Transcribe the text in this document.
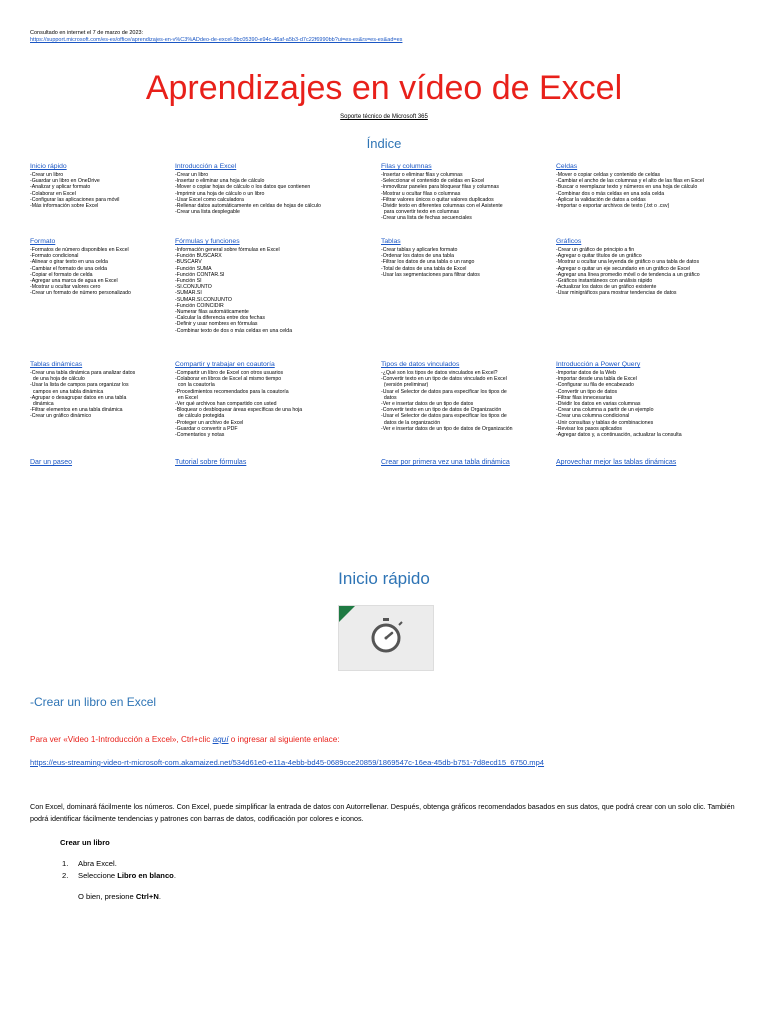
Consultado en internet el 7 de marzo de 2023:
https://support.microsoft.com/es-es/office/aprendizajes-en-v%C3%ADdeo-de-excel-9bc05390-e94c-46af-a5b3-d7c22f6990bb?ui=es-es&rs=es-es&ad=es
Aprendizajes en vídeo de Excel
Soporte técnico de Microsoft 365
Índice
Inicio rápido
-Crear un libro
-Guardar un libro en OneDrive
-Analizar y aplicar formato
-Colaborar en Excel
-Configurar las aplicaciones para móvil
-Más información sobre Excel
Introducción a Excel
-Crear un libro
-Insertar o eliminar una hoja de cálculo
-Mover o copiar hojas de cálculo o los datos que contienen
-Imprimir una hoja de cálculo o un libro
-Usar Excel como calculadora
-Rellenar datos automáticamente en celdas de hojas de cálculo
-Crear una lista desplegable
Filas y columnas
-Insertar o eliminar filas y columnas
-Seleccionar el contenido de celdas en Excel
-Inmovilizar paneles para bloquear filas y columnas
-Mostrar u ocultar filas o columnas
-Filtrar valores únicos o quitar valores duplicados
-Dividir texto en diferentes columnas con el Asistente
para convertir texto en columnas
-Crear una lista de fechas secuenciales
Celdas
-Mover o copiar celdas y contenido de celdas
-Cambiar el ancho de las columnas y el alto de las filas en Excel
-Buscar o reemplazar texto y números en una hoja de cálculo
-Combinar dos o más celdas en una sola celda
-Aplicar la validación de datos a celdas
-Importar o exportar archivos de texto (.txt o .csv)
Formato
-Formatos de número disponibles en Excel
-Formato condicional
-Alinear o girar texto en una celda
-Cambiar el formato de una celda
-Copiar el formato de celda
-Agregar una marca de agua en Excel
-Mostrar u ocultar valores cero
-Crear un formato de número personalizado
Fórmulas y funciones
-Información general sobre fórmulas en Excel
-Función BUSCARX
-BUSCARV
-Función SUMA
-Función CONTAR.SI
-Función SI
-SI.CONJUNTO
-SUMAR.SI
-SUMAR.SI.CONJUNTO
-Función COINCIDIR
-Numerar filas automáticamente
-Calcular la diferencia entre dos fechas
-Definir y usar nombres en fórmulas
-Combinar texto de dos o más celdas en una celda
Tablas
-Crear tablas y aplicarles formato
-Ordenar los datos de una tabla
-Filtrar los datos de una tabla o un rango
-Total de datos de una tabla de Excel
-Usar las segmentaciones para filtrar datos
Gráficos
-Crear un gráfico de principio a fin
-Agregar o quitar títulos de un gráfico
-Mostrar u ocultar una leyenda de gráfico o una tabla de datos
-Agregar o quitar un eje secundario en un gráfico de Excel
-Agregar una línea promedio móvil o de tendencia a un gráfico
-Gráficos instantáneos con análisis rápido
-Actualizar los datos de un gráfico existente
-Usar minigráficos para mostrar tendencias de datos
Tablas dinámicas
-Crear una tabla dinámica para analizar datos
de una hoja de cálculo
-Usar la lista de campos para organizar los
campos en una tabla dinámica
-Agrupar o desagrupar datos en una tabla
dinámica
-Filtrar elementos en una tabla dinámica
-Crear un gráfico dinámico
Compartir y trabajar en coautoría
-Compartir un libro de Excel con otros usuarios
-Colaborar en libros de Excel al mismo tiempo
con la coautoría
-Procedimientos recomendados para la coautoría
en Excel
-Ver qué archivos han compartido con usted
-Bloquear o desbloquear áreas específicas de una hoja
de cálculo protegida
-Proteger un archivo de Excel
-Guardar o convertir a PDF
-Comentarios y notas
Tipos de datos vinculados
-¿Qué son los tipos de datos vinculados en Excel?
-Convertir texto en un tipo de datos vinculado en Excel
(versión preliminar)
-Usar el Selector de datos para especificar los tipos de
datos
-Ver e insertar datos de un tipo de datos
-Convertir texto en un tipo de datos de Organización
-Usar el Selector de datos para especificar los tipos de
datos de la organización
-Ver e insertar datos de un tipo de datos de Organización
Introducción a Power Query
-Importar datos de la Web
-Importar desde una tabla de Excel
-Configurar su fila de encabezado
-Convertir un tipo de datos
-Filtrar filas innecesarias
-Dividir los datos en varias columnas
-Crear una columna a partir de un ejemplo
-Crear una columna condicional
-Unir consultas y tablas de combinaciones
-Revisar los pasos aplicados
-Agregar datos y, a continuación, actualizar la consulta
Dar un paseo	Tutorial sobre fórmulas	Crear por primera vez una tabla dinámica	Aprovechar mejor las tablas dinámicas
Inicio rápido
-Crear un libro en Excel
Para ver «Video 1-Introducción a Excel», Ctrl+clic aquí o ingresar al siguiente enlace:
https://eus-streaming-video-rt-microsoft-com.akamaized.net/534d61e0-e11a-4ebb-bd45-0689cce20859/1869547c-16ea-45db-b751-7d8ecd15_6750.mp4
Con Excel, dominará fácilmente los números. Con Excel, puede simplificar la entrada de datos con Autorrellenar. Después, obtenga gráficos recomendados basados en sus datos, que podrá crear con un solo clic. También podrá identificar fácilmente tendencias y patrones con barras de datos, codificación por colores e iconos.
Crear un libro
1. Abra Excel.
2. Seleccione Libro en blanco.
O bien, presione Ctrl+N.
